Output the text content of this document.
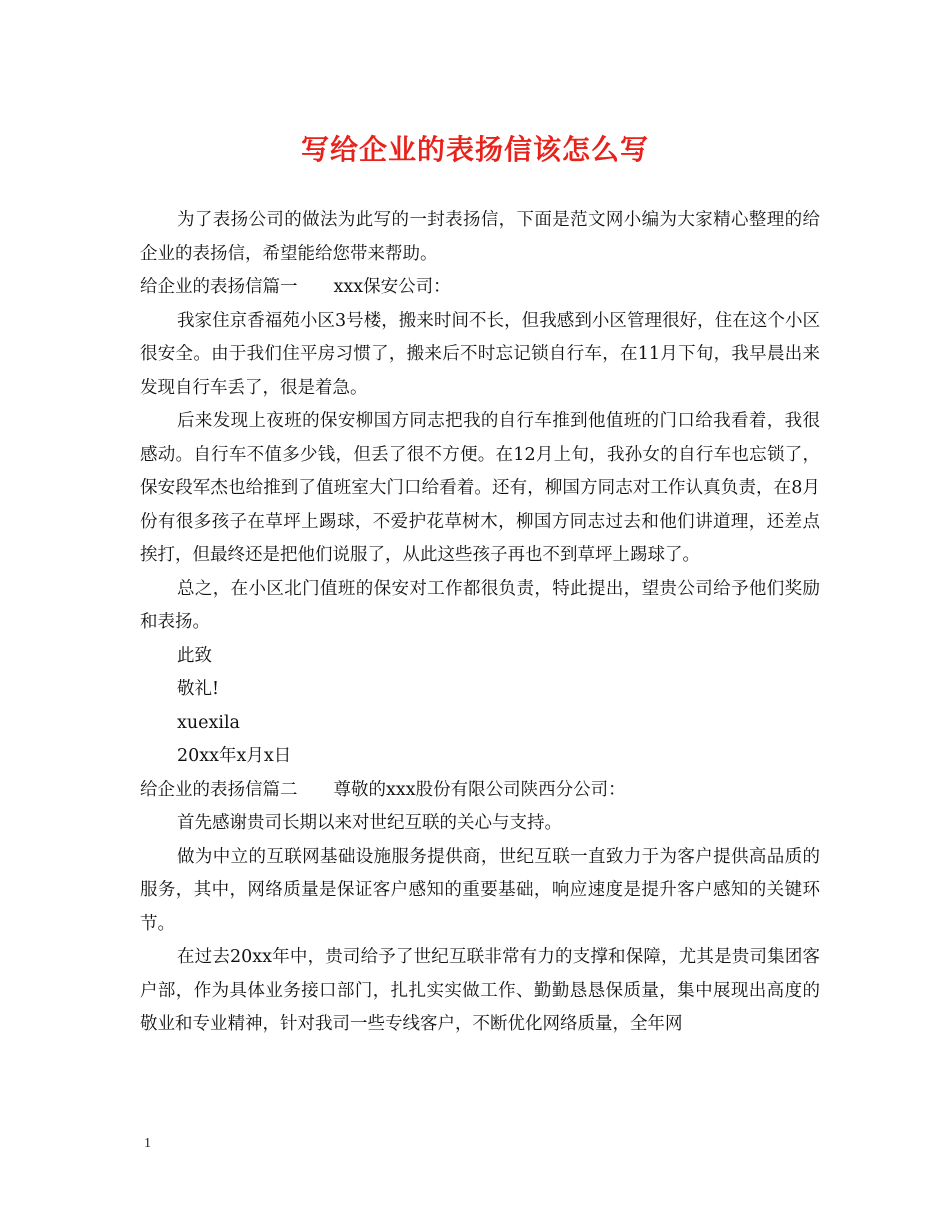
写给企业的表扬信该怎么写

为了表扬公司的做法为此写的一封表扬信，下面是范文网小编为大家精心整理的给企业的表扬信，希望能给您带来帮助。

给企业的表扬信篇一 xxx保安公司：

我家住京香福苑小区3号楼，搬来时间不长，但我感到小区管理很好，住在这个小区很安全。由于我们住平房习惯了，搬来后不时忘记锁自行车，在11月下旬，我早晨出来发现自行车丢了，很是着急。

后来发现上夜班的保安柳国方同志把我的自行车推到他值班的门口给我看着，我很感动。自行车不值多少钱，但丢了很不方便。在12月上旬，我孙女的自行车也忘锁了，保安段军杰也给推到了值班室大门口给看着。还有，柳国方同志对工作认真负责，在8月份有很多孩子在草坪上踢球，不爱护花草树木，柳国方同志过去和他们讲道理，还差点挨打，但最终还是把他们说服了，从此这些孩子再也不到草坪上踢球了。

总之，在小区北门值班的保安对工作都很负责，特此提出，望贵公司给予他们奖励和表扬。

此致

敬礼!

xuexila

20xx年x月x日

给企业的表扬信篇二 尊敬的xxx股份有限公司陕西分公司：

首先感谢贵司长期以来对世纪互联的关心与支持。

做为中立的互联网基础设施服务提供商，世纪互联一直致力于为客户提供高品质的服务，其中，网络质量是保证客户感知的重要基础，响应速度是提升客户感知的关键环节。

在过去20xx年中，贵司给予了世纪互联非常有力的支撑和保障，尤其是贵司集团客户部，作为具体业务接口部门，扎扎实实做工作、勤勤恳恳保质量，集中展现出高度的敬业和专业精神，针对我司一些专线客户，不断优化网络质量，全年网

1
